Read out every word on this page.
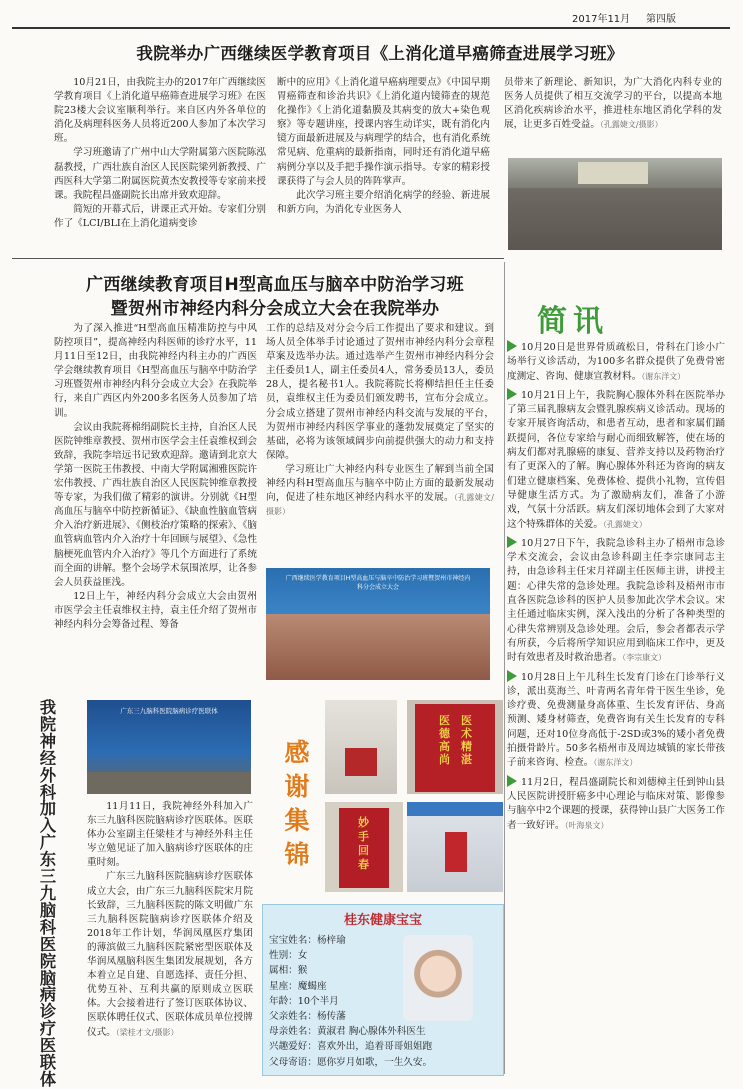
2017年11月 第四版
我院举办广西继续医学教育项目《上消化道早癌筛查进展学习班》

10月21日，由我院主办的2017年广西继续医学教育项目《上消化道早癌筛查进展学习班》在医院23楼大会议室顺利举行。来自区内外各单位的消化及病理科医务人员将近200人参加了本次学习班。

学习班邀请了广州中山大学附属第六医院陈泓磊教授，广西壮族自治区人民医院梁列新教授、广西医科大学第二附属医院黄杰安教授等专家前来授课。我院程昌盛副院长出席并致欢迎辞。

简短的开幕式后，讲课正式开始。专家们分别作了《LCI/BLI在上消化道病变诊

断中的应用》《上消化道早癌病理要点》《中国早期胃癌筛查和诊治共识》《上消化道内镜筛查的规范化操作》《上消化道黏膜及其病变的放大+染色观察》等专题讲座，授课内容生动详实，既有消化内镜方面最新进展及与病理学的结合，也有消化系统常见病、危重病的最新指南，同时还有消化道早癌病例分享以及手把手操作演示指导。专家的精彩授课获得了与会人员的阵阵掌声。

此次学习班主要介绍消化病学的经验、新进展和新方向，为消化专业医务人

员带来了新理论、新知识，为广大消化内科专业的医务人员提供了相互交流学习的平台，以提高本地区消化疾病诊治水平，推进桂东地区消化学科的发展，让更多百姓受益。（孔露婕文/摄影）

广西继续教育项目H型高血压与脑卒中防治学习班
暨贺州市神经内科分会成立大会在我院举办

为了深入推进“H型高血压精准防控与中风防控项目”，提高神经内科医师的诊疗水平，11月11日至12日，由我院神经内科主办的广西医学会继续教育项目《H型高血压与脑卒中防治学习班暨贺州市神经内科分会成立大会》在我院举行，来自广西区内外200多名医务人员参加了培训。

会议由我院蒋棉绢副院长主持，自治区人民医院钟维章教授、贺州市医学会主任袁维权到会致辞，我院李培远书记致欢迎辞。邀请到北京大学第一医院王伟教授、中南大学附属湘雅医院许宏伟教授、广西壮族自治区人民医院钟维章教授等专家，为我们做了精彩的演讲。分别就《H型高血压与脑卒中防控新循证》、《缺血性脑血管病介入治疗新进展》、《侧枝治疗策略的探索》、《脑血管病血管内介入治疗十年回顾与展望》、《急性脑梗死血管内介入治疗》等几个方面进行了系统而全面的讲解。整个会场学术氛围浓厚，让各参会人员获益匪浅。

12日上午，神经内科分会成立大会由贺州市医学会主任袁维权主持，袁主任介绍了贺州市神经内科分会筹备过程、筹备

工作的总结及对分会今后工作提出了要求和建议。到场人员全体举手讨论通过了贺州市神经内科分会章程草案及选举办法。通过选举产生贺州市神经内科分会主任委员1人，副主任委员4人，常务委员13人，委员28人，提名秘书1人。我院蒋院长将柳结担任主任委员，袁维权主任为委员们颁发聘书，宣布分会成立。分会成立搭建了贺州市神经内科交流与发展的平台，为贺州市神经内科医学事业的蓬勃发展奠定了坚实的基础，必将为该领域阔步向前提供强大的动力和支持保障。

学习班让广大神经内科专业医生了解到当前全国神经内科H型高血压与脑卒中防止方面的最新发展动向，促进了桂东地区神经内科水平的发展。（孔露婕文/摄影）

广西继续医学教育项目H型高血压与脑卒中防治学习班暨贺州市神经内科分会成立大会
我院神经外科加入广东三九脑科医院脑病诊疗医联体
广东三九脑科医院脑病诊疗医联体

11月11日，我院神经外科加入广东三九脑科医院脑病诊疗医联体。医联体办公室副主任梁桂才与神经外科主任岑立勉见证了加入脑病诊疗医联体的庄重时刻。

广东三九脑科医院脑病诊疗医联体成立大会，由广东三九脑科医院宋月院长致辞，三九脑科医院的陈文明做广东三九脑科医院脑病诊疗医联体介绍及2018年工作计划，华润凤凰医疗集团的薄滨做三九脑科医院紧密型医联体及华润凤凰脑科医生集团发展规划，各方本着立足自建、自愿选择、责任分担、优势互补、互利共赢的原则成立医联体。大会接着进行了签订医联体协议、医联体聘任仪式、医联体成员单位授牌仪式。（梁桂才文/摄影）

感
谢
集
锦
医术精湛
医德高尚
妙手回春
桂东健康宝宝
宝宝姓名：杨梓瑜
性别：女
属相：猴
星座：魔蝎座
年龄：10个半月
父亲姓名：杨传藩
母亲姓名：黄淑君 胸心腺体外科医生
兴趣爱好：喜欢外出，追着哥哥姐姐跑
父母寄语：愿你岁月如歌，一生久安。
简讯

10月20日是世界骨质疏松日，骨科在门诊小广场举行义诊活动，为100多名群众提供了免费骨密度测定、咨询、健康宣教材料。（谢东洋文）

10月21日上午，我院胸心腺体外科在医院举办了第三届乳腺病友会暨乳腺疾病义诊活动。现场的专家开展咨询活动，和患者互动，患者和家属们踊跃提问，各位专家给与耐心而细致解答，使在场的病友们都对乳腺癌的康复、营养支持以及药物治疗有了更深入的了解。胸心腺体外科还为咨询的病友们建立健康档案、免费体检、提供小礼物，宣传倡导健康生活方式。为了激励病友们，准备了小游戏，气氛十分活跃。病友们深切地体会到了大家对这个特殊群体的关爱。（孔露婕文）

10月27日下午，我院急诊科主办了梧州市急诊学术交流会，会议由急诊科副主任李宗康同志主持，由急诊科主任宋月祥副主任医师主讲，讲授主题：心律失常的急诊处理。我院急诊科及梧州市市直各医院急诊科的医护人员参加此次学术会议。宋主任通过临床实例，深入浅出的分析了各种类型的心律失常辨别及急诊处理。会后，参会者都表示学有所获，今后将所学知识应用到临床工作中，更及时有效患者及时救治患者。（李宗康文）

10月28日上午儿科生长发育门诊在门诊举行义诊，派出莫海兰、叶青两名青年骨干医生坐诊，免诊疗费、免费测量身高体重、生长发育评估、身高预测、矮身材筛查，免费咨询有关生长发育的专科问题，还对10位身高低于-2SD或3%的矮小者免费拍摄骨龄片。50多名梧州市及周边城镇的家长带孩子前来咨询、检查。（谢东洋文）

11月2日，程昌盛副院长和刘德樟主任到钟山县人民医院讲授肝癌多中心理论与临床对策、影像参与脑卒中2个课题的授课，获得钟山县广大医务工作者一致好评。（叶海泉文）
